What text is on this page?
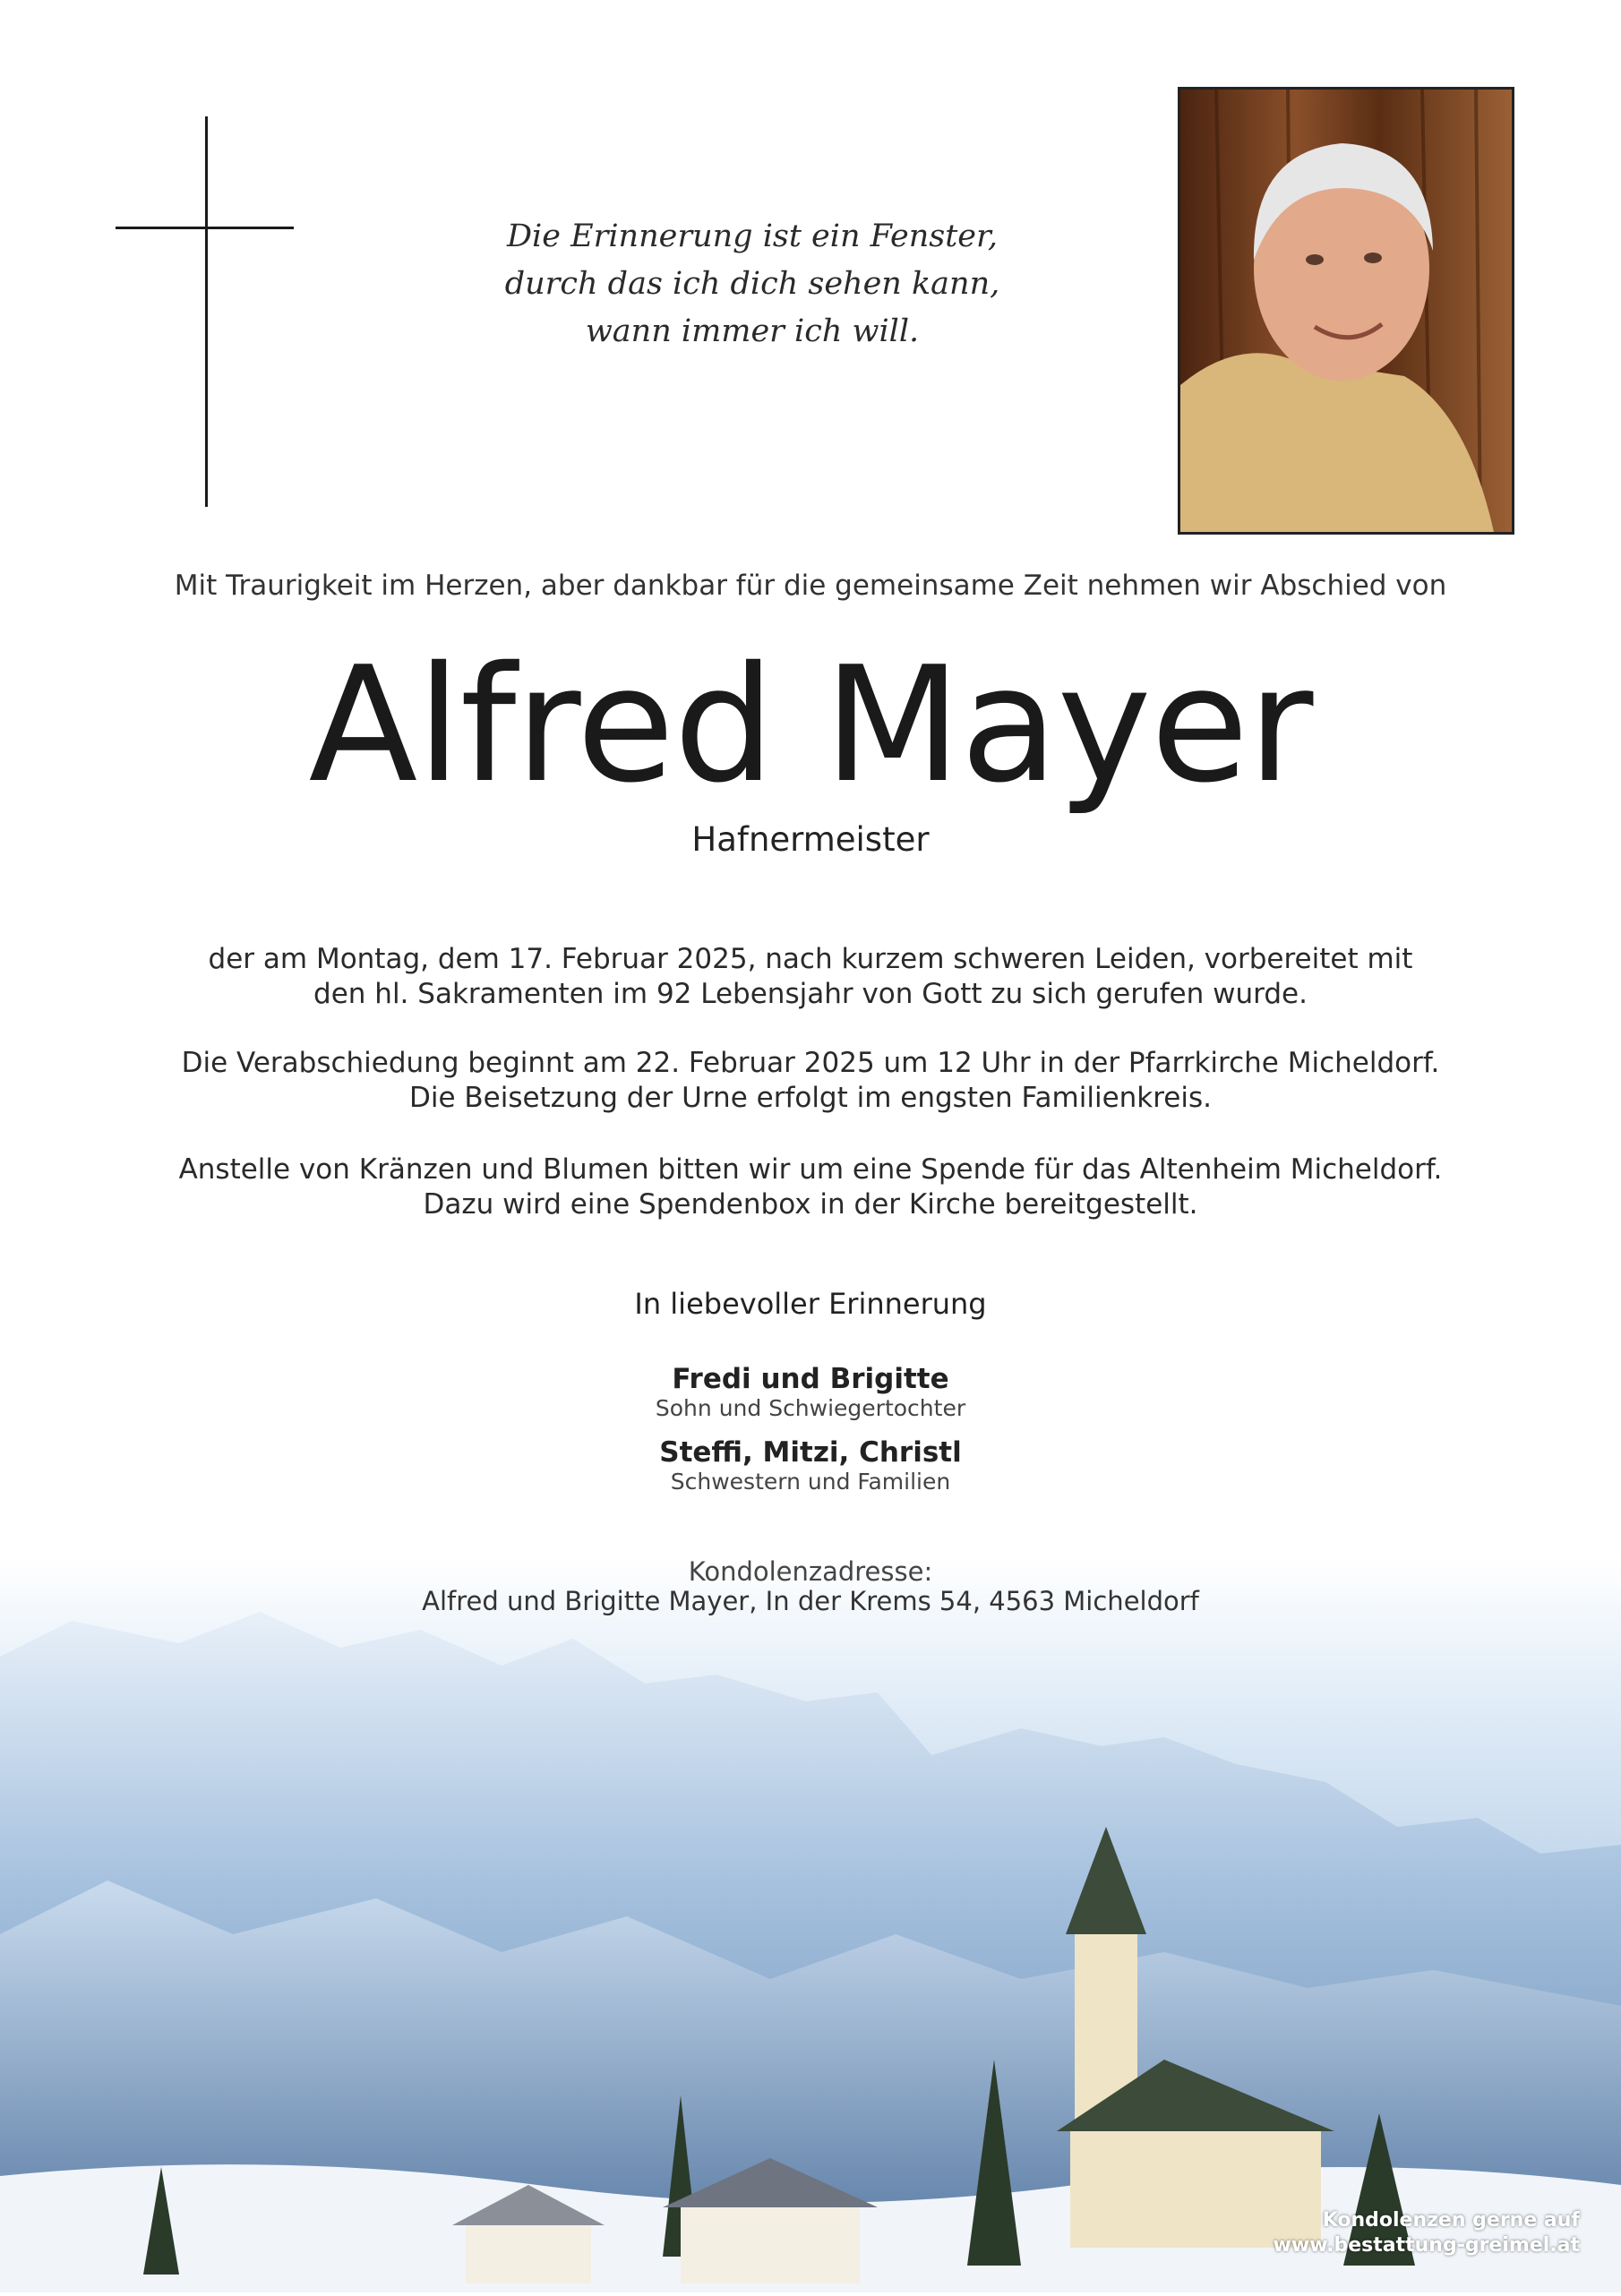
Die Erinnerung ist ein Fenster,
durch das ich dich sehen kann,
wann immer ich will.
Mit Traurigkeit im Herzen, aber dankbar für die gemeinsame Zeit nehmen wir Abschied von
Alfred Mayer
Hafnermeister
der am Montag, dem 17. Februar 2025, nach kurzem schweren Leiden, vorbereitet mit
den hl. Sakramenten im 92 Lebensjahr von Gott zu sich gerufen wurde.
Die Verabschiedung beginnt am 22. Februar 2025 um 12 Uhr in der Pfarrkirche Micheldorf.
Die Beisetzung der Urne erfolgt im engsten Familienkreis.
Anstelle von Kränzen und Blumen bitten wir um eine Spende für das Altenheim Micheldorf.
Dazu wird eine Spendenbox in der Kirche bereitgestellt.
In liebevoller Erinnerung
Fredi und Brigitte
Sohn und Schwiegertochter
Steffi, Mitzi, Christl
Schwestern und Familien
Kondolenzadresse:
Alfred und Brigitte Mayer, In der Krems 54, 4563 Micheldorf
Kondolenzen gerne auf
www.bestattung-greimel.at
